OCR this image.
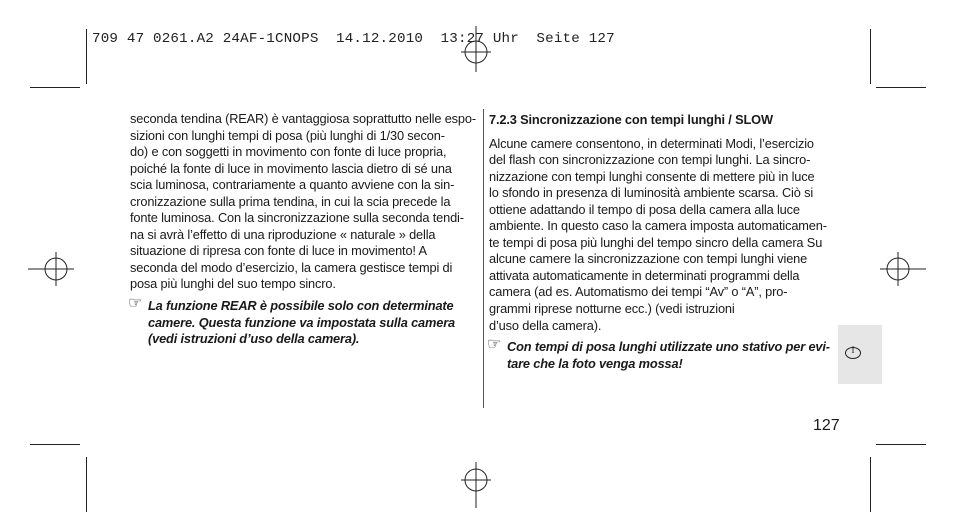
709 47 0261.A2 24AF-1CNOPS  14.12.2010  13:27 Uhr  Seite 127

seconda tendina (REAR) è vantaggiosa soprattutto nelle espo-

sizioni con lunghi tempi di posa (più lunghi di 1/30 secon-

do) e con soggetti in movimento con fonte di luce propria,

poiché la fonte di luce in movimento lascia dietro di sé una

scia luminosa, contrariamente a quanto avviene con la sin-

cronizzazione sulla prima tendina, in cui la scia precede la

fonte luminosa. Con la sincronizzazione sulla seconda tendi-

na si avrà l’effetto di una riproduzione « naturale » della

situazione di ripresa con fonte di luce in movimento! A

seconda del modo d’esercizio, la camera gestisce tempi di

posa più lunghi del suo tempo sincro.

☞ La funzione REAR è possibile solo con determinate

camere. Questa funzione va impostata sulla camera

(vedi istruzioni d’uso della camera).

7.2.3 Sincronizzazione con tempi lunghi / SLOW

Alcune camere consentono, in determinati Modi, l’esercizio

del flash con sincronizzazione con tempi lunghi. La sincro-

nizzazione con tempi lunghi consente di mettere più in luce

lo sfondo in presenza di luminosità ambiente scarsa. Ciò si

ottiene adattando il tempo di posa della camera alla luce

ambiente. In questo caso la camera imposta automaticamen-

te tempi di posa più lunghi del tempo sincro della camera Su

alcune camere la sincronizzazione con tempi lunghi viene

attivata automaticamente in determinati programmi della

camera (ad es. Automatismo dei tempi “Av” o “A”, pro-

grammi riprese notturne ecc.) (vedi istruzioni

d’uso della camera).

☞ Con tempi di posa lunghi utilizzate uno stativo per evi-

tare che la foto venga mossa!

I
127
